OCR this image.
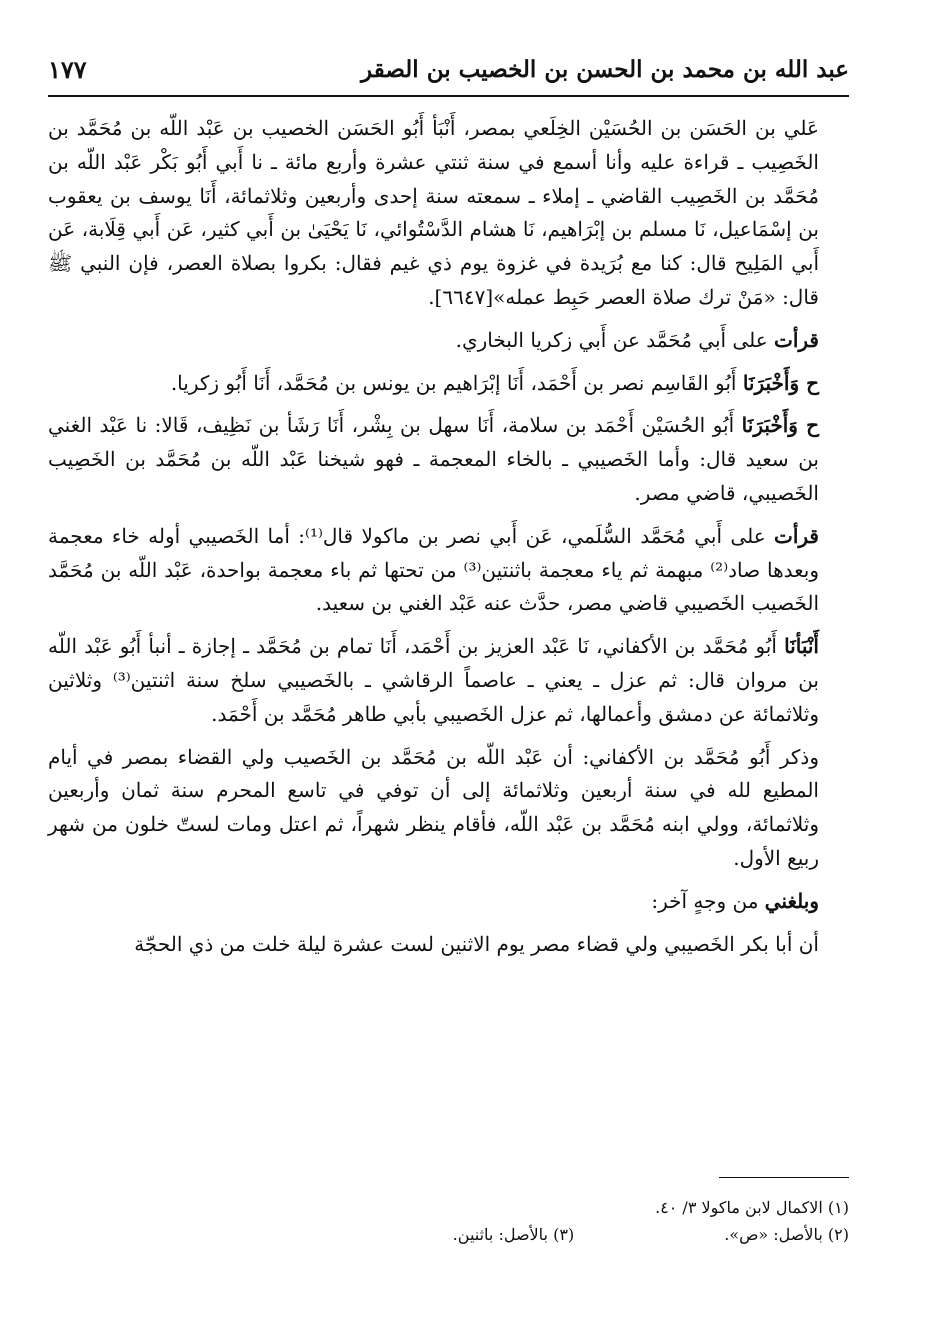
عبد الله بن محمد بن الحسن بن الخصيب بن الصقر
١٧٧

عَلي بن الحَسَن بن الحُسَيْن الخِلَعي بمصر، أَنْبَأ أَبُو الحَسَن الخصيب بن عَبْد اللّه بن مُحَمَّد بن الخَصِيب ـ قراءة عليه وأنا أسمع في سنة ثنتي عشرة وأربع مائة ـ نا أَبي أَبُو بَكْر عَبْد اللّه بن مُحَمَّد بن الخَصِيب القاضي ـ إملاء ـ سمعته سنة إحدى وأربعين وثلاثمائة، أَنَا يوسف بن يعقوب بن إسْمَاعيل، نَا مسلم بن إبْرَاهيم، نَا هشام الدَّسْتُوائي، نَا يَحْيَىٰ بن أَبي كثير، عَن أَبي قِلَابة، عَن أَبي المَلِيح قال: كنا مع بُرَيدة في غزوة يوم ذي غيم فقال: بكروا بصلاة العصر، فإن النبي ﷺ قال: «مَنْ ترك صلاة العصر حَبِط عمله»[٦٦٤٧].

قرأت على أَبي مُحَمَّد عن أَبي زكريا البخاري.

ح وَأَخْبَرَنَا أَبُو القَاسِم نصر بن أَحْمَد، أَنَا إبْرَاهيم بن يونس بن مُحَمَّد، أَنَا أَبُو زكريا.

ح وَأَخْبَرَنَا أَبُو الحُسَيْن أَحْمَد بن سلامة، أَنَا سهل بن بِشْر، أَنَا رَشَأ بن نَظِيف، قَالا: نا عَبْد الغني بن سعيد قال: وأما الخَصيبي ـ بالخاء المعجمة ـ فهو شيخنا عَبْد اللّه بن مُحَمَّد بن الخَصِيب الخَصيبي، قاضي مصر.

قرأت على أَبي مُحَمَّد السُّلَمي، عَن أَبي نصر بن ماكولا قال⁽¹⁾: أما الخَصيبي أوله خاء معجمة وبعدها صاد⁽²⁾ مبهمة ثم ياء معجمة باثنتين⁽³⁾ من تحتها ثم باء معجمة بواحدة، عَبْد اللّه بن مُحَمَّد الخَصيب الخَصيبي قاضي مصر، حدَّث عنه عَبْد الغني بن سعيد.

أَنْبَأنَا أَبُو مُحَمَّد بن الأكفاني، نَا عَبْد العزيز بن أَحْمَد، أَنَا تمام بن مُحَمَّد ـ إجازة ـ أنبأ أَبُو عَبْد اللّه بن مروان قال: ثم عزل ـ يعني ـ عاصماً الرقاشي ـ بالخَصيبي سلخ سنة اثنتين⁽³⁾ وثلاثين وثلاثمائة عن دمشق وأعمالها، ثم عزل الخَصيبي بأبي طاهر مُحَمَّد بن أَحْمَد.

وذكر أَبُو مُحَمَّد بن الأكفاني: أن عَبْد اللّه بن مُحَمَّد بن الخَصيب ولي القضاء بمصر في أيام المطيع لله في سنة أربعين وثلاثمائة إلى أن توفي في تاسع المحرم سنة ثمان وأربعين وثلاثمائة، وولي ابنه مُحَمَّد بن عَبْد اللّه، فأقام ينظر شهراً، ثم اعتل ومات لستّ خلون من شهر ربيع الأول.

وبلغني من وجهٍ آخر:

أن أبا بكر الخَصيبي ولي قضاء مصر يوم الاثنين لست عشرة ليلة خلت من ذي الحجّة

(١) الاكمال لابن ماكولا ٣/ ٤٠.
(٢) بالأصل: «ص».
(٣) بالأصل: باثنين.
